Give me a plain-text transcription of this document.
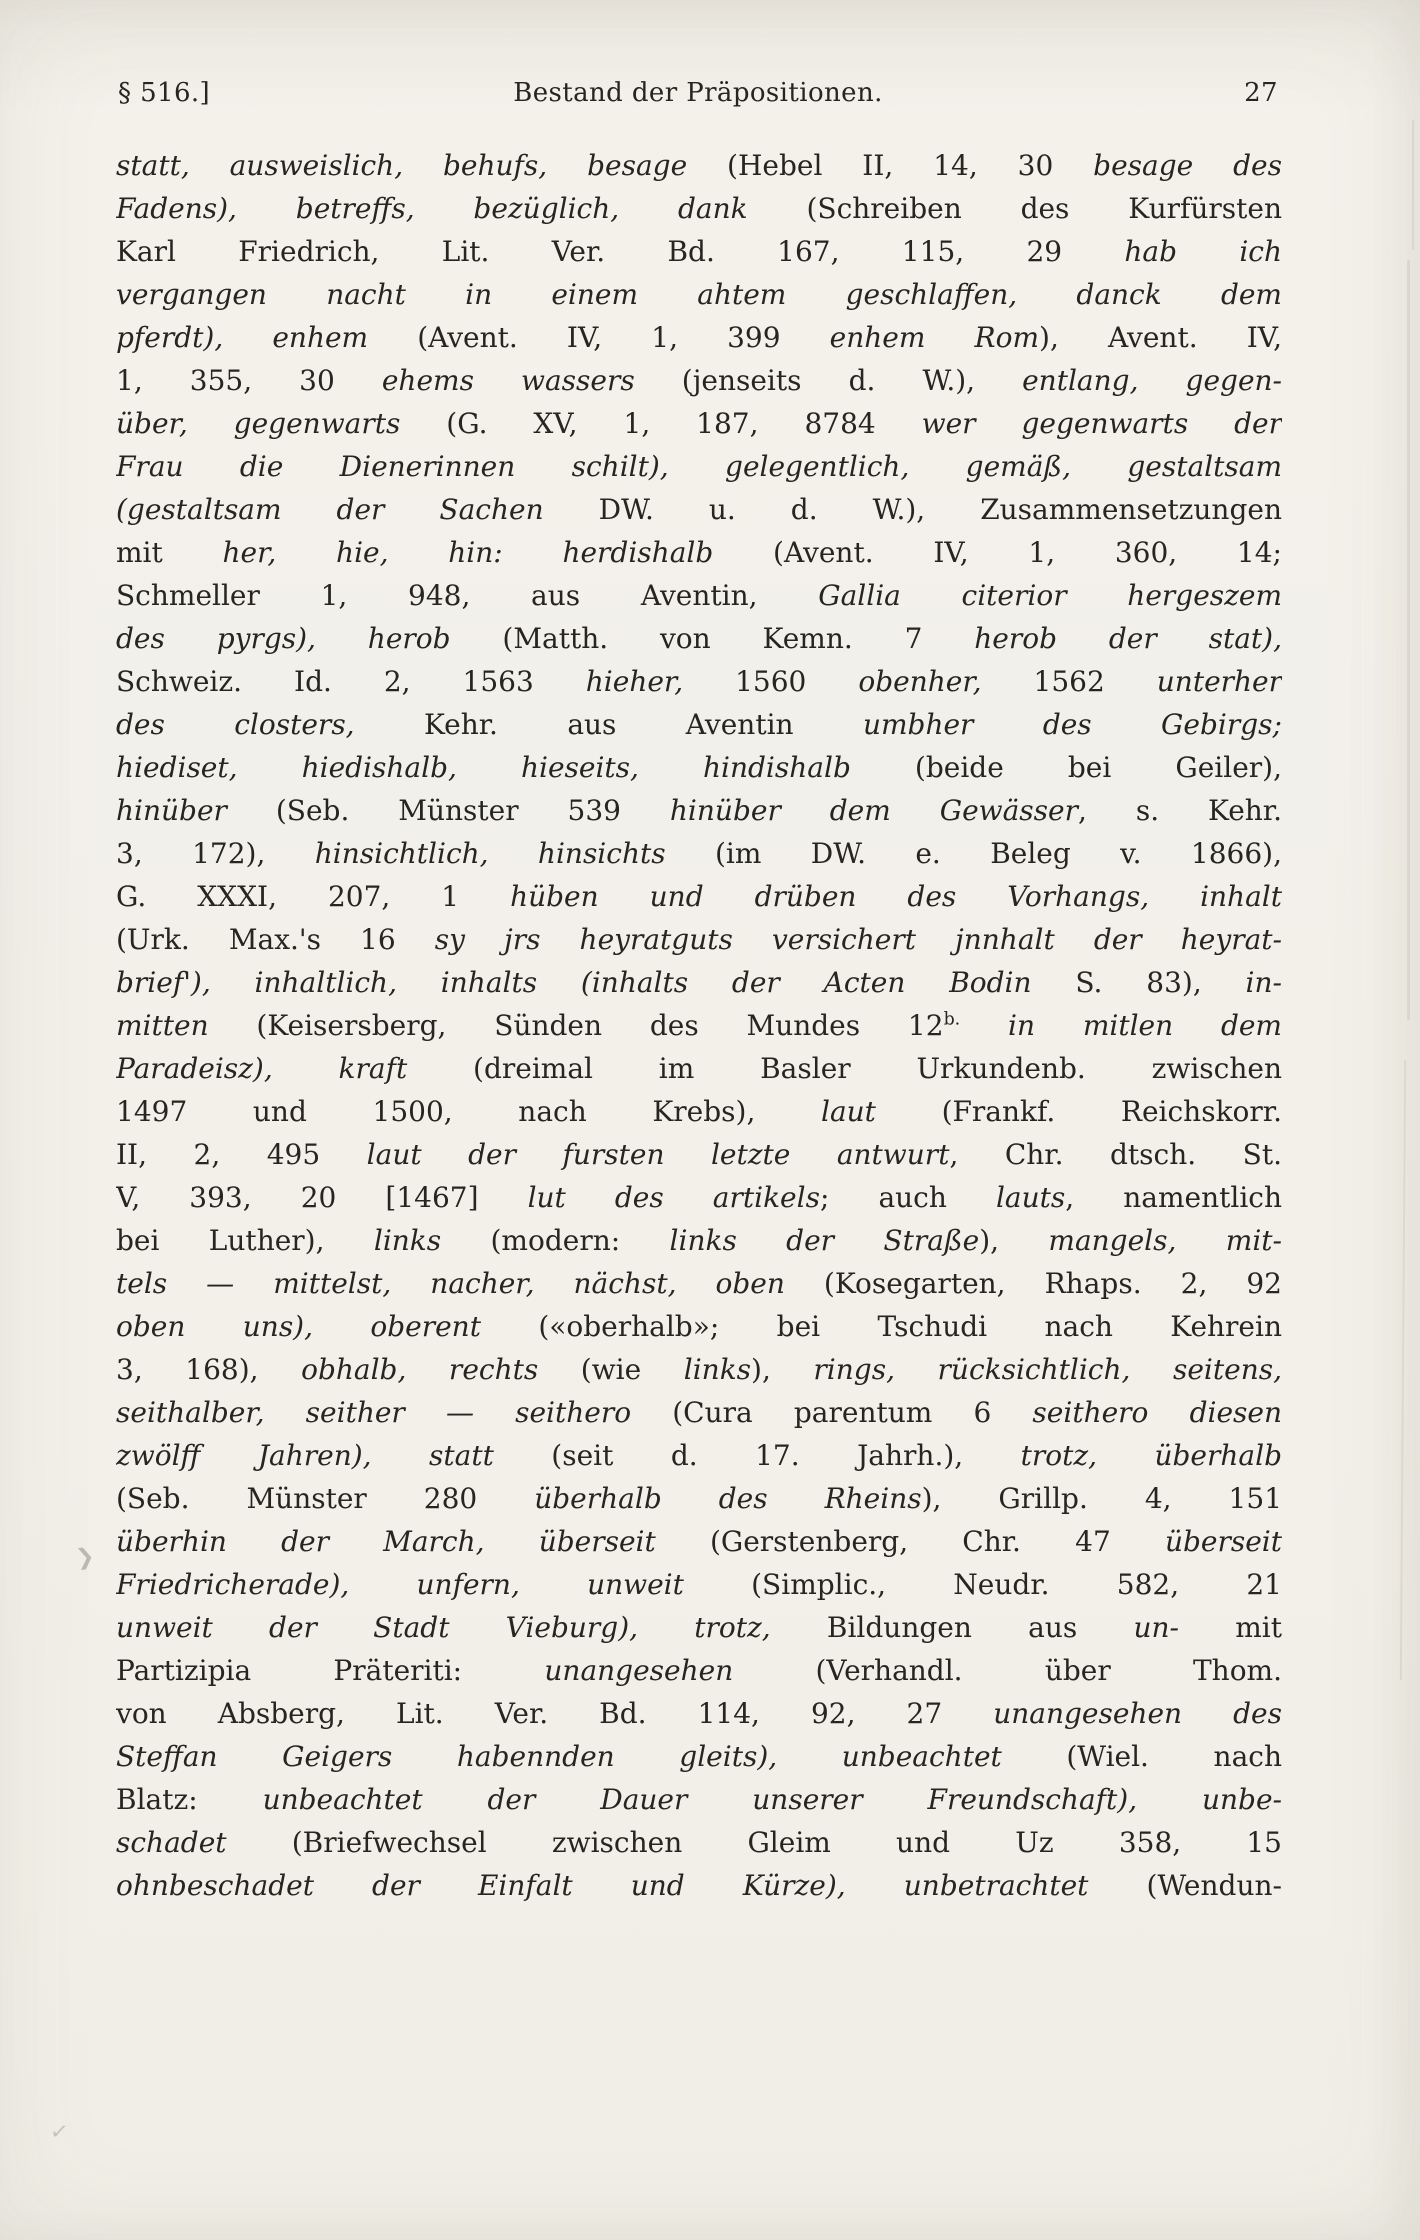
§ 516.]	Bestand der Präpositionen.	27
statt, ausweislich, behufs, besage (Hebel II, 14, 30 besage des
Fadens), betreffs, bezüglich, dank (Schreiben des Kurfürsten
Karl Friedrich, Lit. Ver. Bd. 167, 115, 29 hab ich
vergangen nacht in einem ahtem geschlaffen, danck dem
pferdt), enhem (Avent. IV, 1, 399 enhem Rom), Avent. IV,
1, 355, 30 ehems wassers (jenseits d. W.), entlang, gegen-
über, gegenwarts (G. XV, 1, 187, 8784 wer gegenwarts der
Frau die Dienerinnen schilt), gelegentlich, gemäß, gestaltsam
(gestaltsam der Sachen DW. u. d. W.), Zusammensetzungen
mit her, hie, hin: herdishalb (Avent. IV, 1, 360, 14;
Schmeller 1, 948, aus Aventin, Gallia citerior hergeszem
des pyrgs), herob (Matth. von Kemn. 7 herob der stat),
Schweiz. Id. 2, 1563 hieher, 1560 obenher, 1562 unterher
des closters, Kehr. aus Aventin umbher des Gebirgs;
hiediset, hiedishalb, hieseits, hindishalb (beide bei Geiler),
hinüber (Seb. Münster 539 hinüber dem Gewässer, s. Kehr.
3, 172), hinsichtlich, hinsichts (im DW. e. Beleg v. 1866),
G. XXXI, 207, 1 hüben und drüben des Vorhangs, inhalt
(Urk. Max.'s 16 sy jrs heyratguts versichert jnnhalt der heyrat-
brief'), inhaltlich, inhalts (inhalts der Acten Bodin S. 83), in-
mitten (Keisersberg, Sünden des Mundes $12^{b.}$ in mitlen dem
Paradeisz), kraft (dreimal im Basler Urkundenb. zwischen
1497 und 1500, nach Krebs), laut (Frankf. Reichskorr.
II, 2, 495 laut der fursten letzte antwurt, Chr. dtsch. St.
V, 393, 20 [1467] lut des artikels; auch lauts, namentlich
bei Luther), links (modern: links der Straße), mangels, mit-
tels — mittelst, nacher, nächst, oben (Kosegarten, Rhaps. 2, 92
oben uns), oberent («oberhalb»; bei Tschudi nach Kehrein
3, 168), obhalb, rechts (wie links), rings, rücksichtlich, seitens,
seithalber, seither — seithero (Cura parentum 6 seithero diesen
zwölff Jahren), statt (seit d. 17. Jahrh.), trotz, überhalb
(Seb. Münster 280 überhalb des Rheins), Grillp. 4, 151
überhin der March, überseit (Gerstenberg, Chr. 47 überseit
Friedricherade), unfern, unweit (Simplic., Neudr. 582, 21
unweit der Stadt Vieburg), trotz, Bildungen aus un- mit
Partizipia Präteriti: unangesehen (Verhandl. über Thom.
von Absberg, Lit. Ver. Bd. 114, 92, 27 unangesehen des
Steffan Geigers habennden gleits), unbeachtet (Wiel. nach
Blatz: unbeachtet der Dauer unserer Freundschaft), unbe-
schadet (Briefwechsel zwischen Gleim und Uz 358, 15
ohnbeschadet der Einfalt und Kürze), unbetrachtet (Wendun-
❯
✓
